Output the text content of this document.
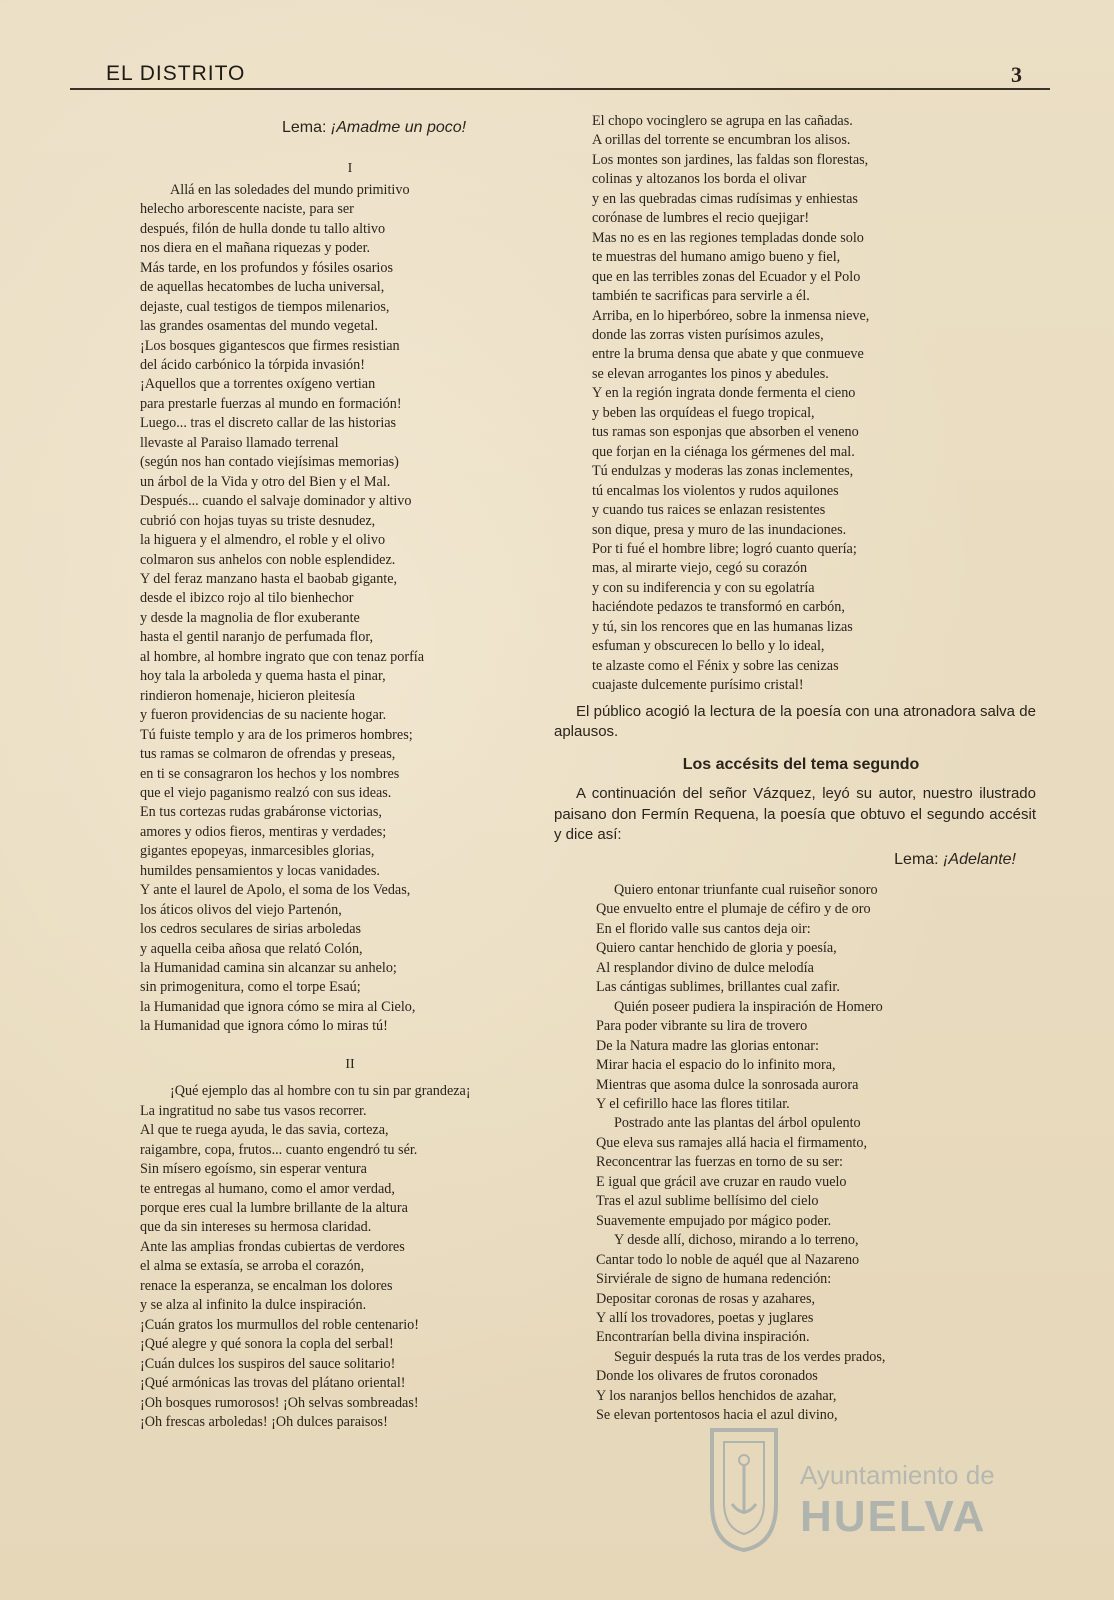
EL DISTRITO	3
Lema: ¡Amadme un poco!
I
Allá en las soledades del mundo primitivo
helecho arborescente naciste, para ser
después, filón de hulla donde tu tallo altivo
nos diera en el mañana riquezas y poder.
Más tarde, en los profundos y fósiles osarios
de aquellas hecatombes de lucha universal,
dejaste, cual testigos de tiempos milenarios,
las grandes osamentas del mundo vegetal.
¡Los bosques gigantescos que firmes resistian
del ácido carbónico la tórpida invasión!
¡Aquellos que a torrentes oxígeno vertian
para prestarle fuerzas al mundo en formación!
Luego... tras el discreto callar de las historias
llevaste al Paraiso llamado terrenal
(según nos han contado viejísimas memorias)
un árbol de la Vida y otro del Bien y el Mal.
Después... cuando el salvaje dominador y altivo
cubrió con hojas tuyas su triste desnudez,
la higuera y el almendro, el roble y el olivo
colmaron sus anhelos con noble esplendidez.
Y del feraz manzano hasta el baobab gigante,
desde el ibizco rojo al tilo bienhechor
y desde la magnolia de flor exuberante
hasta el gentil naranjo de perfumada flor,
al hombre, al hombre ingrato que con tenaz porfía
hoy tala la arboleda y quema hasta el pinar,
rindieron homenaje, hicieron pleitesía
y fueron providencias de su naciente hogar.
Tú fuiste templo y ara de los primeros hombres;
tus ramas se colmaron de ofrendas y preseas,
en ti se consagraron los hechos y los nombres
que el viejo paganismo realzó con sus ideas.
En tus cortezas rudas grabáronse victorias,
amores y odios fieros, mentiras y verdades;
gigantes epopeyas, inmarcesibles glorias,
humildes pensamientos y locas vanidades.
Y ante el laurel de Apolo, el soma de los Vedas,
los áticos olivos del viejo Partenón,
los cedros seculares de sirias arboledas
y aquella ceiba añosa que relató Colón,
la Humanidad camina sin alcanzar su anhelo;
sin primogenitura, como el torpe Esaú;
la Humanidad que ignora cómo se mira al Cielo,
la Humanidad que ignora cómo lo miras tú!
II
¡Qué ejemplo das al hombre con tu sin par grandeza¡
La ingratitud no sabe tus vasos recorrer.
Al que te ruega ayuda, le das savia, corteza,
raigambre, copa, frutos... cuanto engendró tu sér.
Sin mísero egoísmo, sin esperar ventura
te entregas al humano, como el amor verdad,
porque eres cual la lumbre brillante de la altura
que da sin intereses su hermosa claridad.
Ante las amplias frondas cubiertas de verdores
el alma se extasía, se arroba el corazón,
renace la esperanza, se encalman los dolores
y se alza al infinito la dulce inspiración.
¡Cuán gratos los murmullos del roble centenario!
¡Qué alegre y qué sonora la copla del serbal!
¡Cuán dulces los suspiros del sauce solitario!
¡Qué armónicas las trovas del plátano oriental!
¡Oh bosques rumorosos! ¡Oh selvas sombreadas!
¡Oh frescas arboledas! ¡Oh dulces paraisos!
El chopo vocinglero se agrupa en las cañadas.
A orillas del torrente se encumbran los alisos.
Los montes son jardines, las faldas son florestas,
colinas y altozanos los borda el olivar
y en las quebradas cimas rudísimas y enhiestas
corónase de lumbres el recio quejigar!
Mas no es en las regiones templadas donde solo
te muestras del humano amigo bueno y fiel,
que en las terribles zonas del Ecuador y el Polo
también te sacrificas para servirle a él.
Arriba, en lo hiperbóreo, sobre la inmensa nieve,
donde las zorras visten purísimos azules,
entre la bruma densa que abate y que conmueve
se elevan arrogantes los pinos y abedules.
Y en la región ingrata donde fermenta el cieno
y beben las orquídeas el fuego tropical,
tus ramas son esponjas que absorben el veneno
que forjan en la ciénaga los gérmenes del mal.
Tú endulzas y moderas las zonas inclementes,
tú encalmas los violentos y rudos aquilones
y cuando tus raices se enlazan resistentes
son dique, presa y muro de las inundaciones.
Por ti fué el hombre libre; logró cuanto quería;
mas, al mirarte viejo, cegó su corazón
y con su indiferencia y con su egolatría
haciéndote pedazos te transformó en carbón,
y tú, sin los rencores que en las humanas lizas
esfuman y obscurecen lo bello y lo ideal,
te alzaste como el Fénix y sobre las cenizas
cuajaste dulcemente purísimo cristal!

El público acogió la lectura de la poesía con una atronadora salva de aplausos.

Los accésits del tema segundo

A continuación del señor Vázquez, leyó su autor, nuestro ilustrado paisano don Fermín Requena, la poesía que obtuvo el segundo accésit y dice así:

Lema: ¡Adelante!
Quiero entonar triunfante cual ruiseñor sonoro
Que envuelto entre el plumaje de céfiro y de oro
En el florido valle sus cantos deja oir:
Quiero cantar henchido de gloria y poesía,
Al resplandor divino de dulce melodía
Las cántigas sublimes, brillantes cual zafir.
Quién poseer pudiera la inspiración de Homero
Para poder vibrante su lira de trovero
De la Natura madre las glorias entonar:
Mirar hacia el espacio do lo infinito mora,
Mientras que asoma dulce la sonrosada aurora
Y el cefirillo hace las flores titilar.
Postrado ante las plantas del árbol opulento
Que eleva sus ramajes allá hacia el firmamento,
Reconcentrar las fuerzas en torno de su ser:
E igual que grácil ave cruzar en raudo vuelo
Tras el azul sublime bellísimo del cielo
Suavemente empujado por mágico poder.
Y desde allí, dichoso, mirando a lo terreno,
Cantar todo lo noble de aquél que al Nazareno
Sirviérale de signo de humana redención:
Depositar coronas de rosas y azahares,
Y allí los trovadores, poetas y juglares
Encontrarían bella divina inspiración.
Seguir después la ruta tras de los verdes prados,
Donde los olivares de frutos coronados
Y los naranjos bellos henchidos de azahar,
Se elevan portentosos hacia el azul divino,
Ayuntamiento de
HUELVA
